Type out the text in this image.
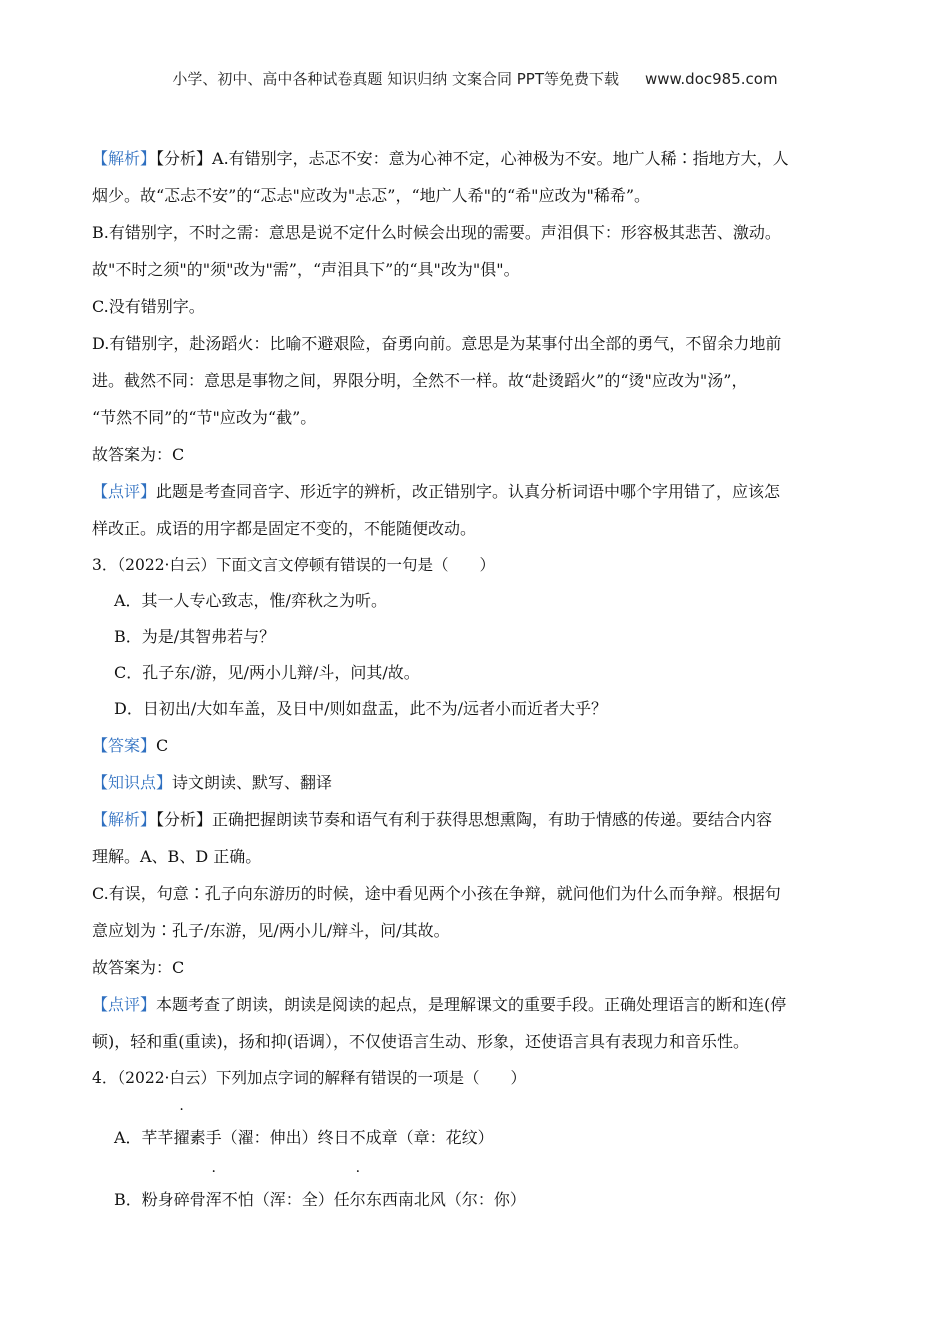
小学、初中、高中各种试卷真题 知识归纳 文案合同 PPT等免费下载 www.doc985.com

【解析】【分析】A.有错别字，忐忑不安：意为心神不定，心神极为不安。地广人稀∶指地方大，人

烟少。故“忑忐不安”的“忑忐"应改为"忐忑”，“地广人希"的“希"应改为"稀希”。

B.有错别字，不时之需：意思是说不定什么时候会出现的需要。声泪俱下：形容极其悲苦、激动。

故"不时之须"的"须"改为"需”，“声泪具下”的“具"改为"俱"。

C.没有错别字。

D.有错别字，赴汤蹈火：比喻不避艰险，奋勇向前。意思是为某事付出全部的勇气，不留余力地前

进。截然不同：意思是事物之间，界限分明，全然不一样。故“赴烫蹈火”的“烫"应改为"汤”，

“节然不同”的“节"应改为“截”。

故答案为：C

【点评】此题是考查同音字、形近字的辨析，改正错别字。认真分析词语中哪个字用错了，应该怎

样改正。成语的用字都是固定不变的，不能随便改动。

3．（2022·白云）下面文言文停顿有错误的一句是（　　）

A．其一人专心致志，惟/弈秋之为听。

B．为是/其智弗若与？

C．孔子东/游，见/两小儿辩/斗，问其/故。

D．日初出/大如车盖，及日中/则如盘盂，此不为/远者小而近者大乎？

【答案】C

【知识点】诗文朗读、默写、翻译

【解析】【分析】正确把握朗读节奏和语气有利于获得思想熏陶，有助于情感的传递。要结合内容

理解。A、B、D 正确。

C.有误，句意∶孔子向东游历的时候，途中看见两个小孩在争辩，就问他们为什么而争辩。根据句

意应划为∶孔子/东游，见/两小儿/辩斗，问/其故。

故答案为：C

【点评】本题考查了朗读，朗读是阅读的起点，是理解课文的重要手段。正确处理语言的断和连(停

顿)，轻和重(重读)，扬和抑(语调），不仅使语言生动、形象，还使语言具有表现力和音乐性。

4．（2022·白云）下列加点字词的解释有错误的一项是（　　）

A．芊芊擢素手（濯：伸出）终日不成章（章：花纹）

B．粉身碎骨浑不怕（浑：全）任尔东西南北风（尔：你）
